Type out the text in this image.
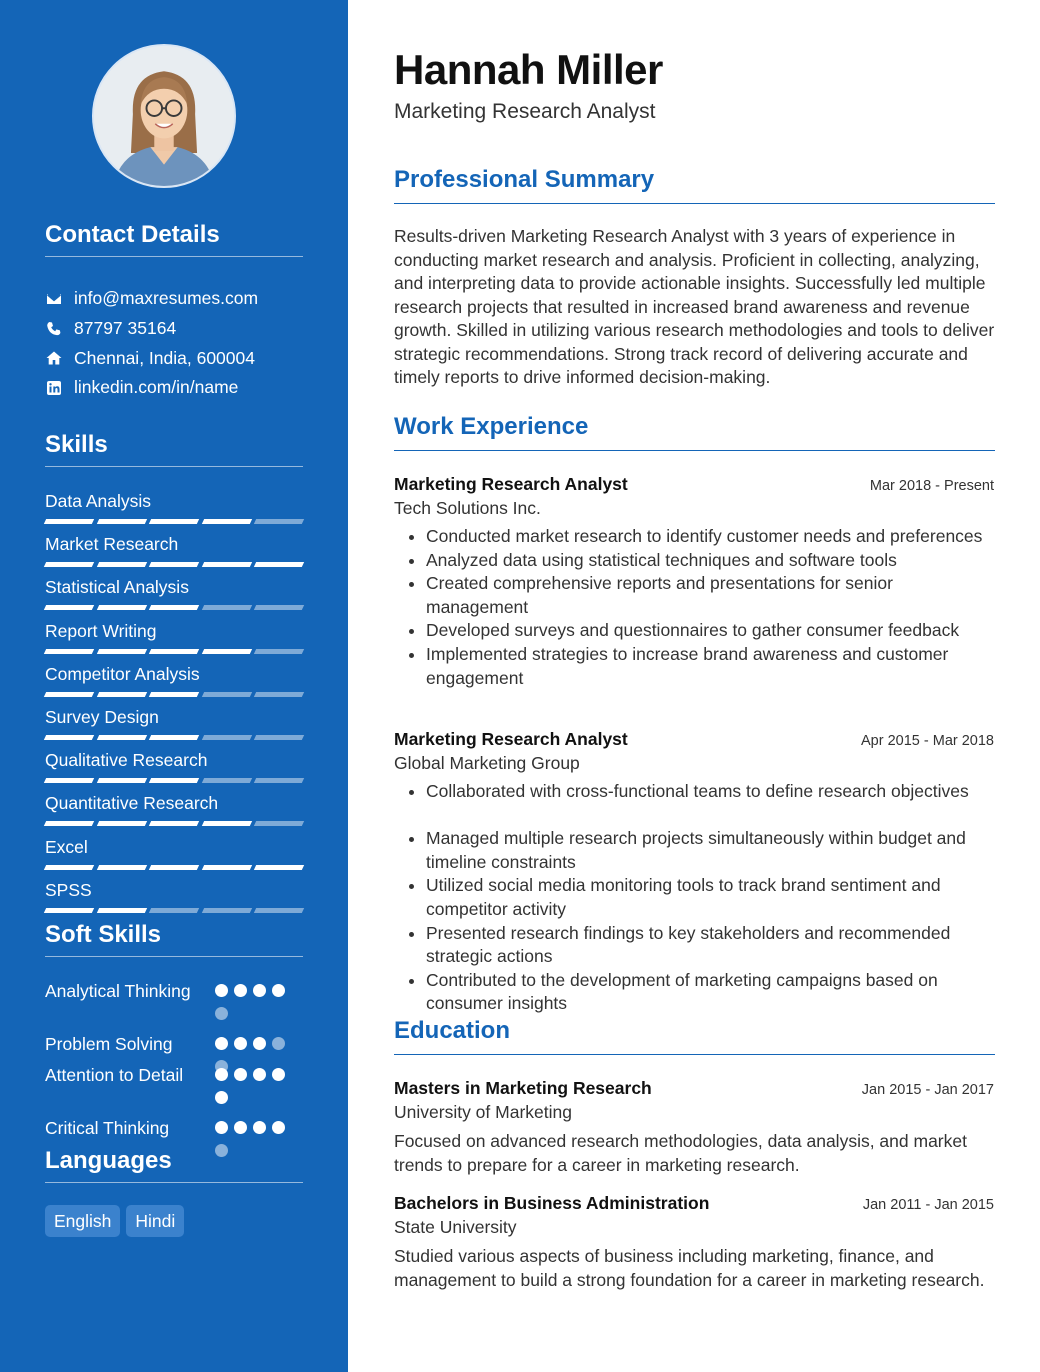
Contact Details
info@maxresumes.com
87797 35164
Chennai, India, 600004
linkedin.com/in/name
Skills
Data Analysis
Market Research
Statistical Analysis
Report Writing
Competitor Analysis
Survey Design
Qualitative Research
Quantitative Research
Excel
SPSS
Soft Skills
Analytical Thinking
Problem Solving
Attention to Detail
Critical Thinking
Languages
English	Hindi
Hannah Miller
Marketing Research Analyst
Professional Summary

Results-driven Marketing Research Analyst with 3 years of experience in conducting market research and analysis. Proficient in collecting, analyzing, and interpreting data to provide actionable insights. Successfully led multiple research projects that resulted in increased brand awareness and revenue growth. Skilled in utilizing various research methodologies and tools to deliver strategic recommendations. Strong track record of delivering accurate and timely reports to drive informed decision-making.

Work Experience
Marketing Research Analyst	Mar 2018 - Present
Tech Solutions Inc.
Conducted market research to identify customer needs and preferences
Analyzed data using statistical techniques and software tools
Created comprehensive reports and presentations for senior management
Developed surveys and questionnaires to gather consumer feedback
Implemented strategies to increase brand awareness and customer engagement
Marketing Research Analyst	Apr 2015 - Mar 2018
Global Marketing Group
Collaborated with cross-functional teams to define research objectives
Managed multiple research projects simultaneously within budget and timeline constraints
Utilized social media monitoring tools to track brand sentiment and competitor activity
Presented research findings to key stakeholders and recommended strategic actions
Contributed to the development of marketing campaigns based on consumer insights
Education
Masters in Marketing Research	Jan 2015 - Jan 2017
University of Marketing

Focused on advanced research methodologies, data analysis, and market trends to prepare for a career in marketing research.

Bachelors in Business Administration	Jan 2011 - Jan 2015
State University

Studied various aspects of business including marketing, finance, and management to build a strong foundation for a career in marketing research.
